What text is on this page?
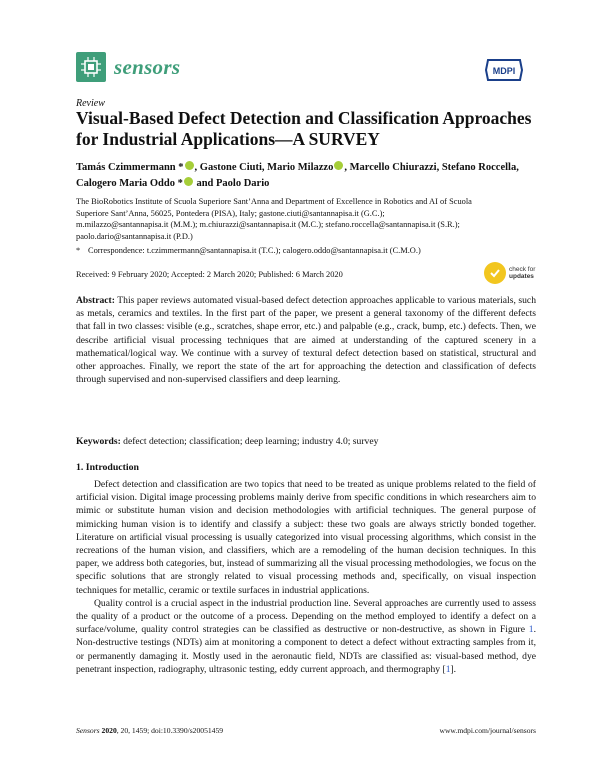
sensors	MDPI
Review
Visual-Based Defect Detection and Classification Approaches for Industrial Applications—A SURVEY
Tamás Czimmermann * , Gastone Ciuti, Mario Milazzo , Marcello Chiurazzi, Stefano Roccella,
Calogero Maria Oddo * and Paolo Dario

The BioRobotics Institute of Scuola Superiore Sant’Anna and Department of Excellence in Robotics and AI of Scuola

Superiore Sant’Anna, 56025, Pontedera (PISA), Italy; gastone.ciuti@santannapisa.it (G.C.);

m.milazzo@santannapisa.it (M.M.); m.chiurazzi@santannapisa.it (M.C.); stefano.roccella@santannapisa.it (S.R.);

paolo.dario@santannapisa.it (P.D.)

* Correspondence: t.czimmermann@santannapisa.it (T.C.); calogero.oddo@santannapisa.it (C.M.O.)
Received: 9 February 2020; Accepted: 2 March 2020; Published: 6 March 2020
check for
updates

Abstract: This paper reviews automated visual-based defect detection approaches applicable to various materials, such as metals, ceramics and textiles. In the first part of the paper, we present a general taxonomy of the different defects that fall in two classes: visible (e.g., scratches, shape error, etc.) and palpable (e.g., crack, bump, etc.) defects. Then, we describe artificial visual processing techniques that are aimed at understanding of the captured scenery in a mathematical/logical way. We continue with a survey of textural defect detection based on statistical, structural and other approaches. Finally, we report the state of the art for approaching the detection and classification of defects through supervised and non-supervised classifiers and deep learning.

Keywords: defect detection; classification; deep learning; industry 4.0; survey
1. Introduction

Defect detection and classification are two topics that need to be treated as unique problems related to the field of artificial vision. Digital image processing problems mainly derive from specific conditions in which researchers aim to mimic or substitute human vision and decision methodologies with artificial techniques. The general purpose of mimicking human vision is to identify and classify a subject: these two goals are always strictly bonded together. Literature on artificial visual processing is usually categorized into visual processing algorithms, which consist in the recreations of the human vision, and classifiers, which are a remodeling of the human decision techniques. In this paper, we address both categories, but, instead of summarizing all the visual processing methodologies, we focus on the specific solutions that are strongly related to visual processing methods and, specifically, on visual inspection techniques for metallic, ceramic or textile surfaces in industrial applications.

Quality control is a crucial aspect in the industrial production line. Several approaches are currently used to assess the quality of a product or the outcome of a process. Depending on the method employed to identify a defect on a surface/volume, quality control strategies can be classified as destructive or non-destructive, as shown in Figure 1. Non-destructive testings (NDTs) aim at monitoring a component to detect a defect without extracting samples from it, or permanently damaging it. Mostly used in the aeronautic field, NDTs are classified as: visual-based method, dye penetrant inspection, radiography, ultrasonic testing, eddy current approach, and thermography [1].

Sensors 2020, 20, 1459; doi:10.3390/s20051459	www.mdpi.com/journal/sensors
